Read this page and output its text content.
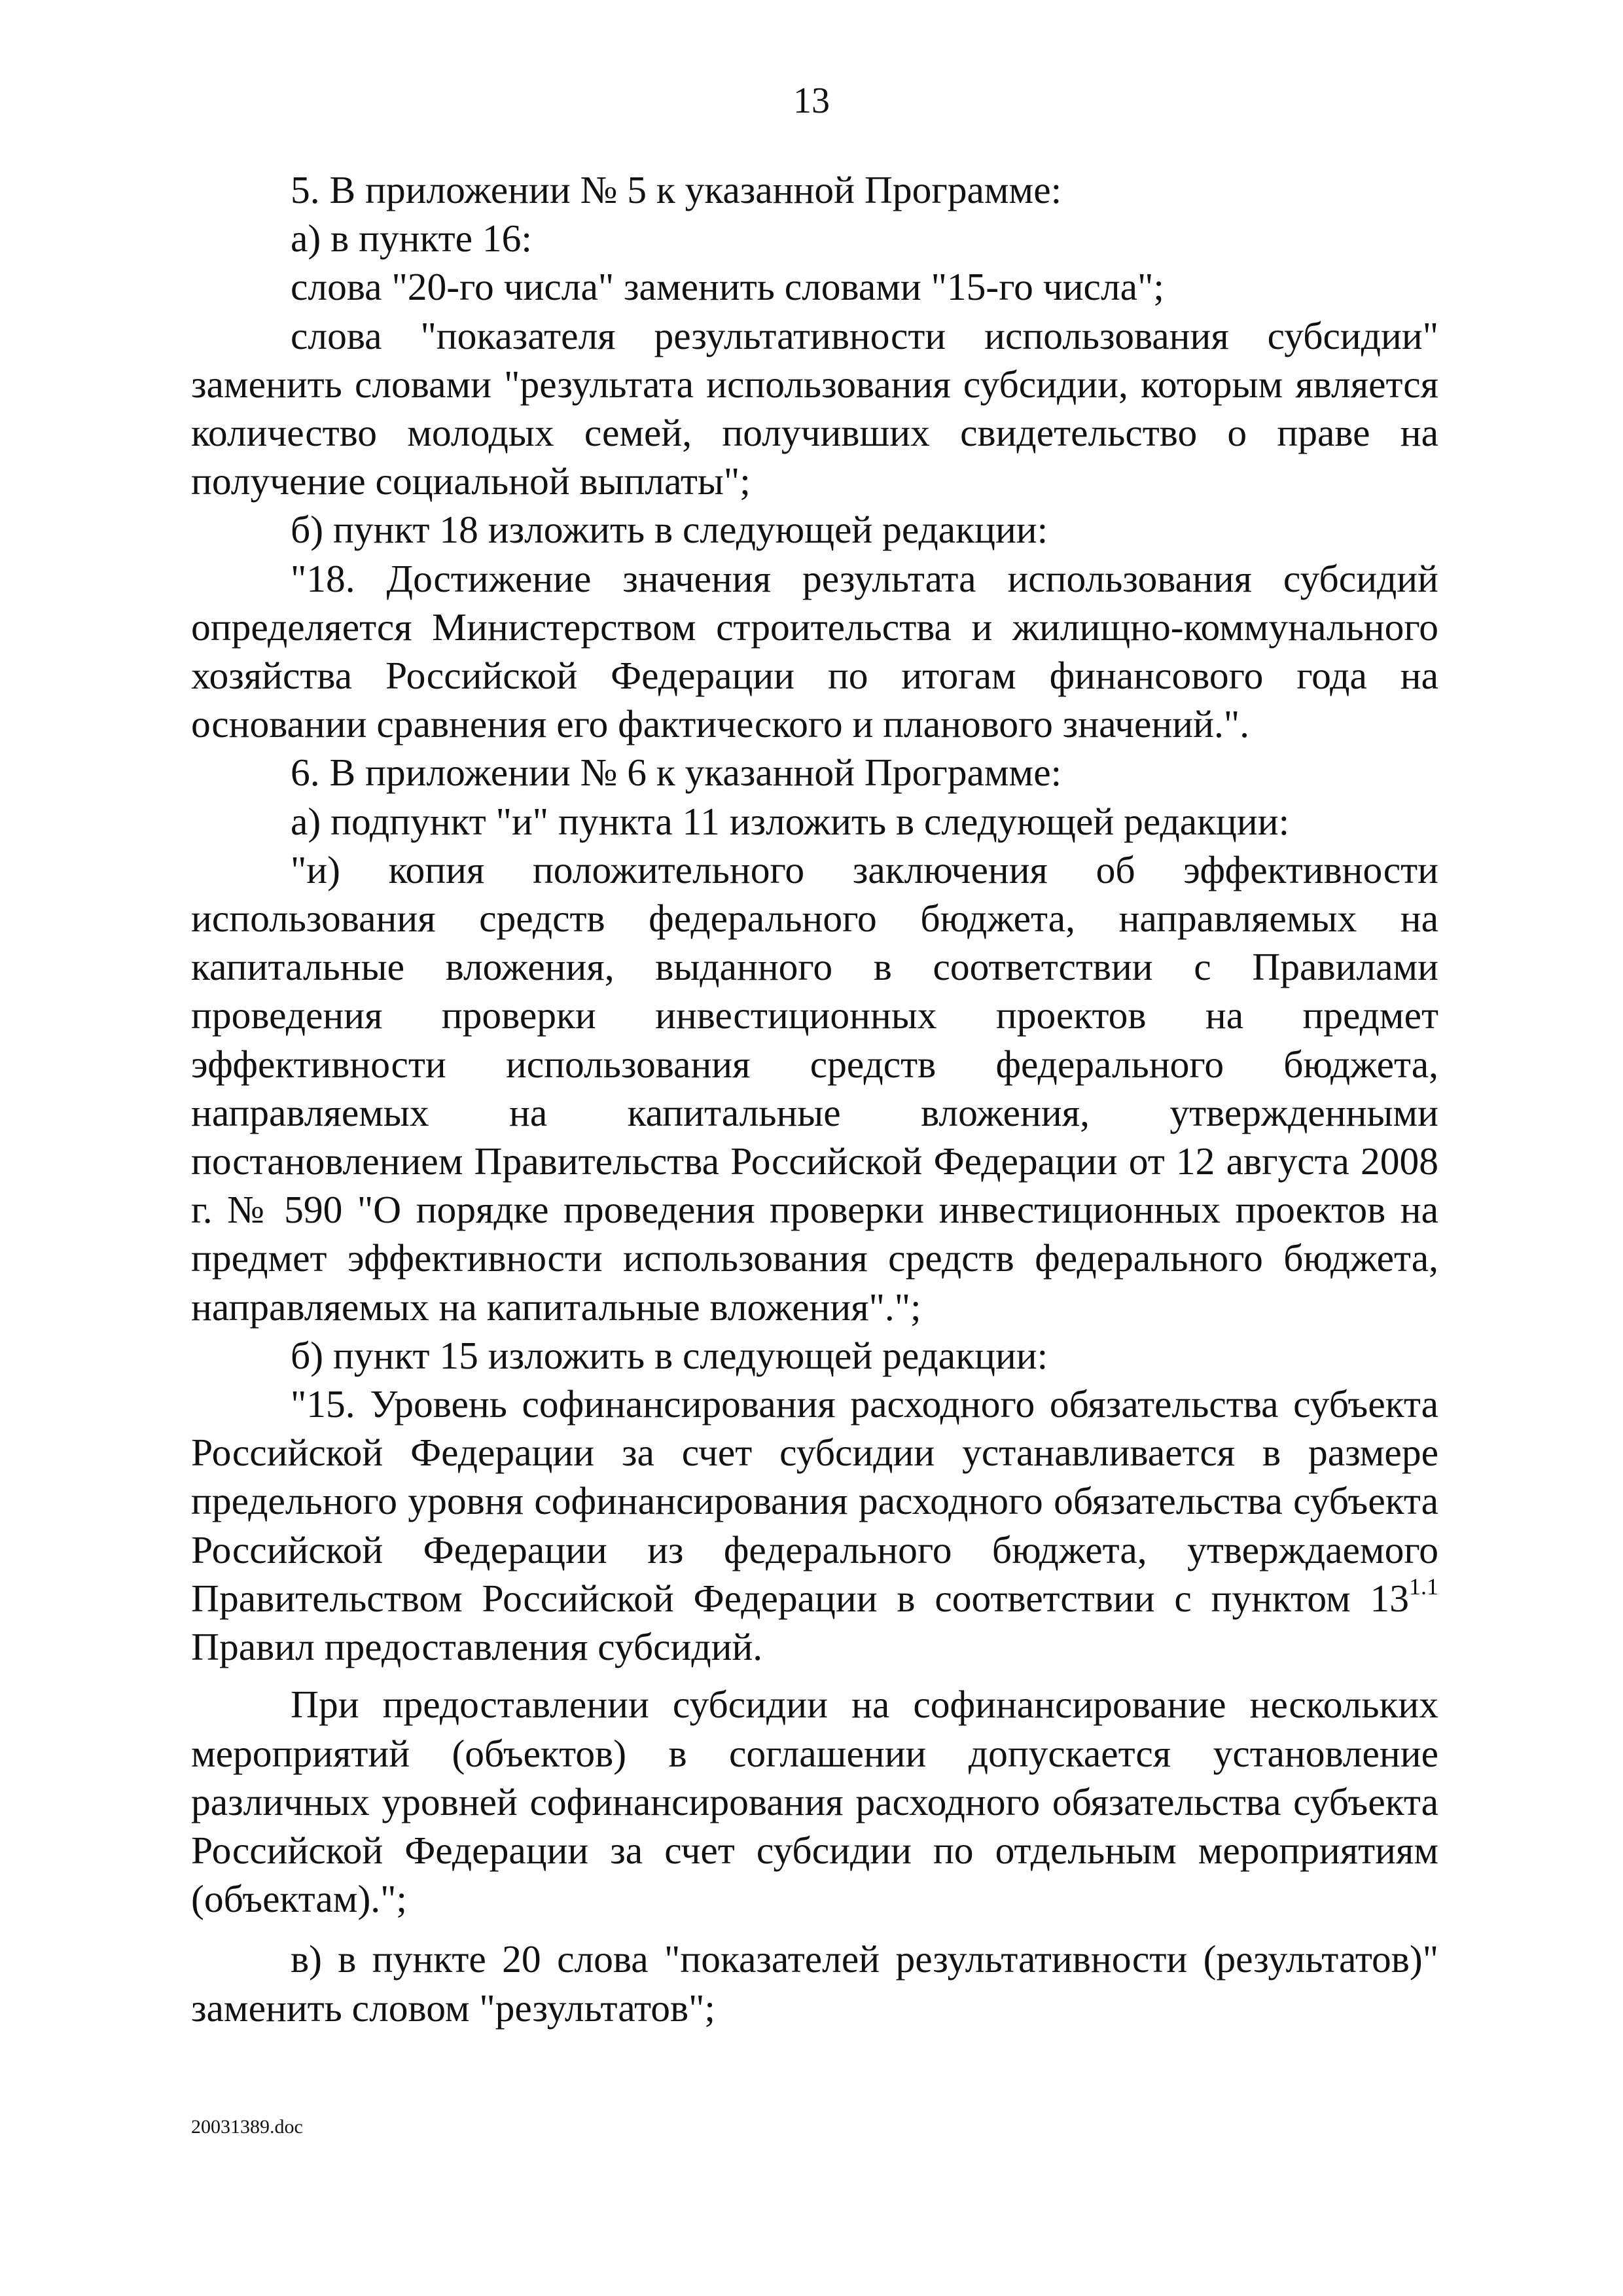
13

5. В приложении № 5 к указанной Программе:

а) в пункте 16:

слова "20-го числа" заменить словами "15-го числа";

слова "показателя результативности использования субсидии" заменить словами "результата использования субсидии, которым является количество молодых семей, получивших свидетельство о праве на получение социальной выплаты";

б) пункт 18 изложить в следующей редакции:

"18. Достижение значения результата использования субсидий определяется Министерством строительства и жилищно-коммунального хозяйства Российской Федерации по итогам финансового года на основании сравнения его фактического и планового значений.".

6. В приложении № 6 к указанной Программе:

а) подпункт "и" пункта 11 изложить в следующей редакции:

"и) копия положительного заключения об эффективности использования средств федерального бюджета, направляемых на капитальные вложения, выданного в соответствии с Правилами проведения проверки инвестиционных проектов на предмет эффективности использования средств федерального бюджета, направляемых на капитальные вложения, утвержденными постановлением Правительства Российской Федерации от 12 августа 2008 г. № 590 "О порядке проведения проверки инвестиционных проектов на предмет эффективности использования средств федерального бюджета, направляемых на капитальные вложения".";

б) пункт 15 изложить в следующей редакции:

"15. Уровень софинансирования расходного обязательства субъекта Российской Федерации за счет субсидии устанавливается в размере предельного уровня софинансирования расходного обязательства субъекта Российской Федерации из федерального бюджета, утверждаемого Правительством Российской Федерации в соответствии с пунктом $13^{1.1}$ Правил предоставления субсидий.

При предоставлении субсидии на софинансирование нескольких мероприятий (объектов) в соглашении допускается установление различных уровней софинансирования расходного обязательства субъекта Российской Федерации за счет субсидии по отдельным мероприятиям (объектам).";

в) в пункте 20 слова "показателей результативности (результатов)" заменить словом "результатов";

20031389.doc
